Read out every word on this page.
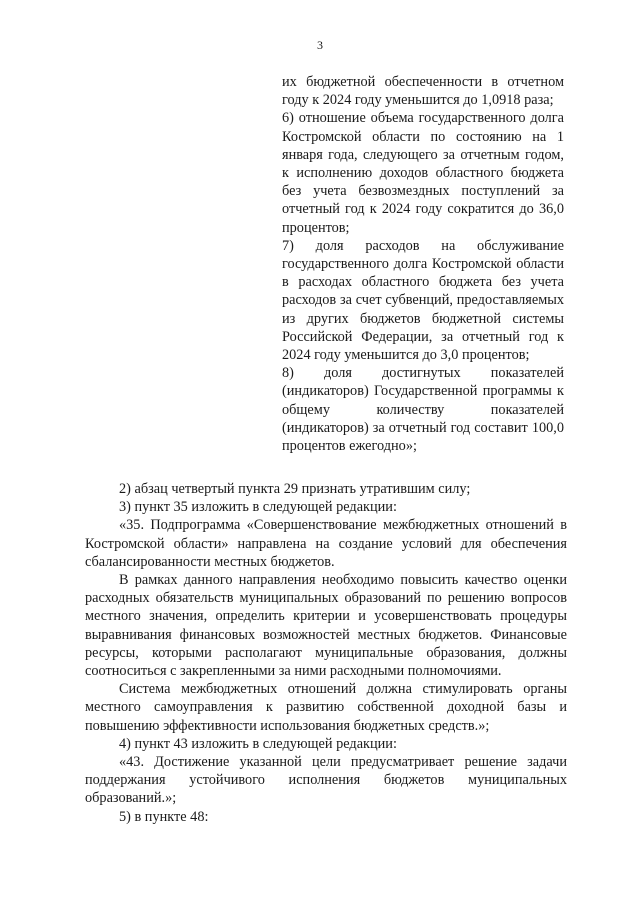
3

их бюджетной обеспеченности в отчетном году к 2024 году уменьшится до 1,0918 раза;

6) отношение объема государственного долга Костромской области по состоянию на 1 января года, следующего за отчетным годом, к исполнению доходов областного бюджета без учета безвозмездных поступлений за отчетный год к 2024 году сократится до 36,0 процентов;

7) доля расходов на обслуживание государственного долга Костромской области в расходах областного бюджета без учета расходов за счет субвенций, предоставляемых из других бюджетов бюджетной системы Российской Федерации, за отчетный год к 2024 году уменьшится до 3,0 процентов;

8) доля достигнутых показателей (индикаторов) Государственной программы к общему количеству показателей (индикаторов) за отчетный год составит 100,0 процентов ежегодно»;

2) абзац четвертый пункта 29 признать утратившим силу;

3) пункт 35 изложить в следующей редакции:

«35. Подпрограмма «Совершенствование межбюджетных отношений в Костромской области» направлена на создание условий для обеспечения сбалансированности местных бюджетов.

В рамках данного направления необходимо повысить качество оценки расходных обязательств муниципальных образований по решению вопросов местного значения, определить критерии и усовершенствовать процедуры выравнивания финансовых возможностей местных бюджетов. Финансовые ресурсы, которыми располагают муниципальные образования, должны соотноситься с закрепленными за ними расходными полномочиями.

Система межбюджетных отношений должна стимулировать органы местного самоуправления к развитию собственной доходной базы и повышению эффективности использования бюджетных средств.»;

4) пункт 43 изложить в следующей редакции:

«43. Достижение указанной цели предусматривает решение задачи поддержания устойчивого исполнения бюджетов муниципальных образований.»;

5) в пункте 48:
